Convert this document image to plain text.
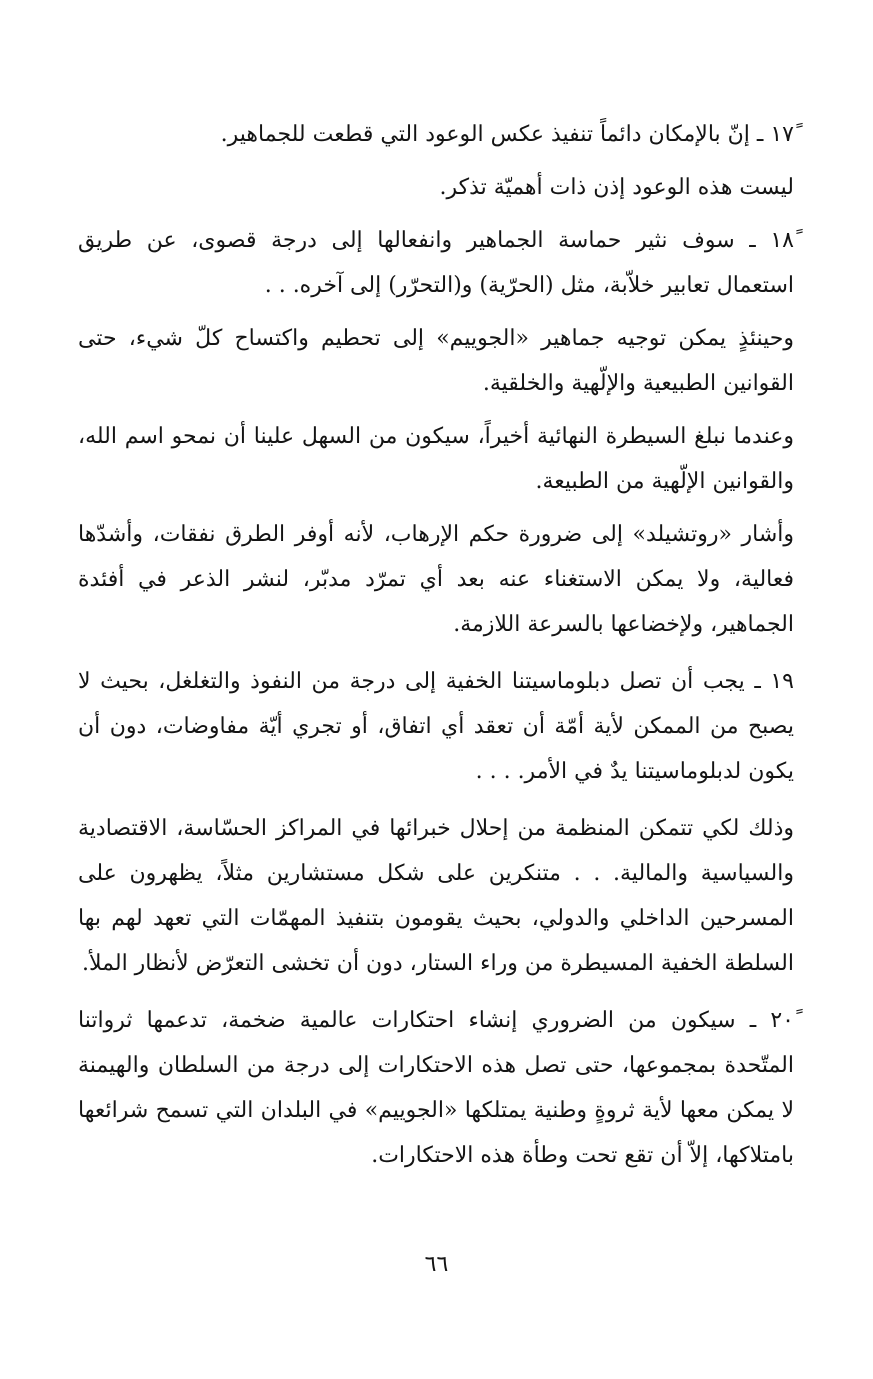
١٧ً ـ إنّ بالإمكان دائماً تنفيذ عكس الوعود التي قطعت للجماهير.

ليست هذه الوعود إذن ذات أهميّة تذكر.

١٨ً ـ سوف نثير حماسة الجماهير وانفعالها إلى درجة قصوى، عن طريق استعمال تعابير خلاّبة، مثل (الحرّية) و(التحرّر) إلى آخره. . .

وحينئذٍ يمكن توجيه جماهير «الجوييم» إلى تحطيم واكتساح كلّ شيء، حتى القوانين الطبيعية والإلّهية والخلقية.

وعندما نبلغ السيطرة النهائية أخيراً، سيكون من السهل علينا أن نمحو اسم الله، والقوانين الإلّهية من الطبيعة.

وأشار «روتشيلد» إلى ضرورة حكم الإرهاب، لأنه أوفر الطرق نفقات، وأشدّها فعالية، ولا يمكن الاستغناء عنه بعد أي تمرّد مدبّر، لنشر الذعر في أفئدة الجماهير، ولإخضاعها بالسرعة اللازمة.

١٩ ـ يجب أن تصل دبلوماسيتنا الخفية إلى درجة من النفوذ والتغلغل، بحيث لا يصبح من الممكن لأية أمّة أن تعقد أي اتفاق، أو تجري أيّة مفاوضات، دون أن يكون لدبلوماسيتنا يدٌ في الأمر. . . .

وذلك لكي تتمكن المنظمة من إحلال خبرائها في المراكز الحسّاسة، الاقتصادية والسياسية والمالية. . . متنكرين على شكل مستشارين مثلاً، يظهرون على المسرحين الداخلي والدولي، بحيث يقومون بتنفيذ المهمّات التي تعهد لهم بها السلطة الخفية المسيطرة من وراء الستار، دون أن تخشى التعرّض لأنظار الملأ.

٢٠ً ـ سيكون من الضروري إنشاء احتكارات عالمية ضخمة، تدعمها ثرواتنا المتّحدة بمجموعها، حتى تصل هذه الاحتكارات إلى درجة من السلطان والهيمنة لا يمكن معها لأية ثروةٍ وطنية يمتلكها «الجوييم» في البلدان التي تسمح شرائعها بامتلاكها، إلاّ أن تقع تحت وطأة هذه الاحتكارات.

٦٦
